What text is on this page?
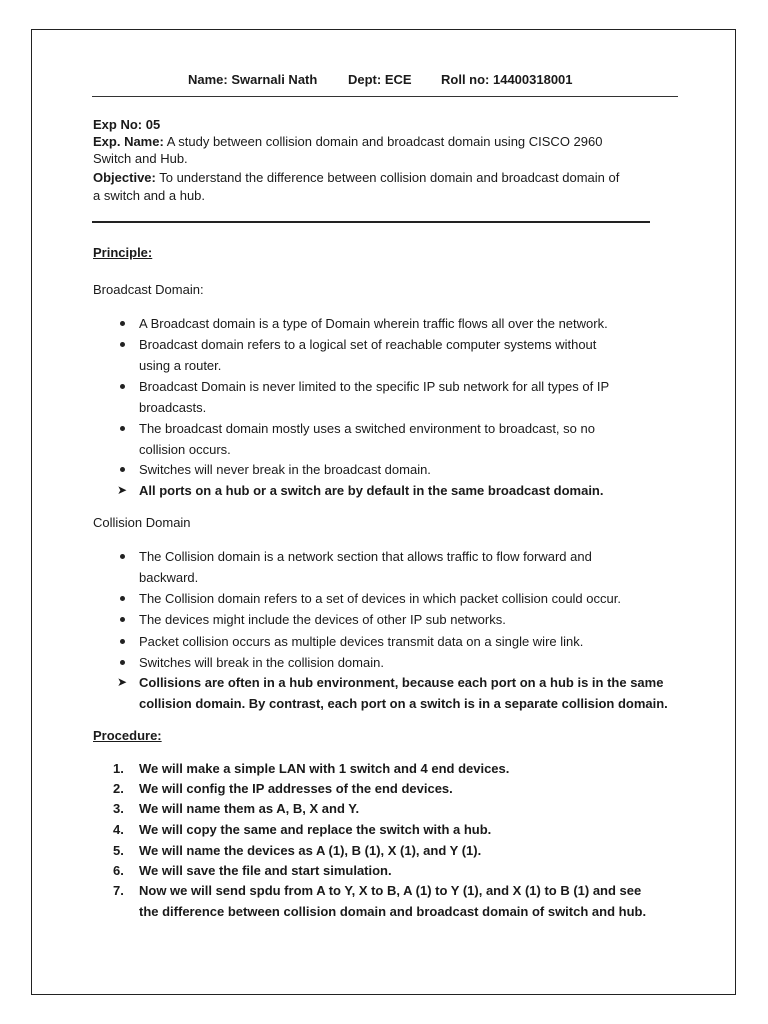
Name: Swarnali Nath Dept: ECE Roll no: 14400318001
Exp No: 05
Exp. Name: A study between collision domain and broadcast domain using CISCO 2960
Switch and Hub.
Objective: To understand the difference between collision domain and broadcast domain of
a switch and a hub.
Principle:
Broadcast Domain:
A Broadcast domain is a type of Domain wherein traffic flows all over the network.
Broadcast domain refers to a logical set of reachable computer systems without
using a router.
Broadcast Domain is never limited to the specific IP sub network for all types of IP
broadcasts.
The broadcast domain mostly uses a switched environment to broadcast, so no
collision occurs.
Switches will never break in the broadcast domain.
➤ All ports on a hub or a switch are by default in the same broadcast domain.
Collision Domain
The Collision domain is a network section that allows traffic to flow forward and
backward.
The Collision domain refers to a set of devices in which packet collision could occur.
The devices might include the devices of other IP sub networks.
Packet collision occurs as multiple devices transmit data on a single wire link.
Switches will break in the collision domain.
➤ Collisions are often in a hub environment, because each port on a hub is in the same
collision domain. By contrast, each port on a switch is in a separate collision domain.
Procedure:
1.	We will make a simple LAN with 1 switch and 4 end devices.
2.	We will config the IP addresses of the end devices.
3.	We will name them as A, B, X and Y.
4.	We will copy the same and replace the switch with a hub.
5.	We will name the devices as A (1), B (1), X (1), and Y (1).
6.	We will save the file and start simulation.
7.	Now we will send spdu from A to Y, X to B, A (1) to Y (1), and X (1) to B (1) and see
the difference between collision domain and broadcast domain of switch and hub.
